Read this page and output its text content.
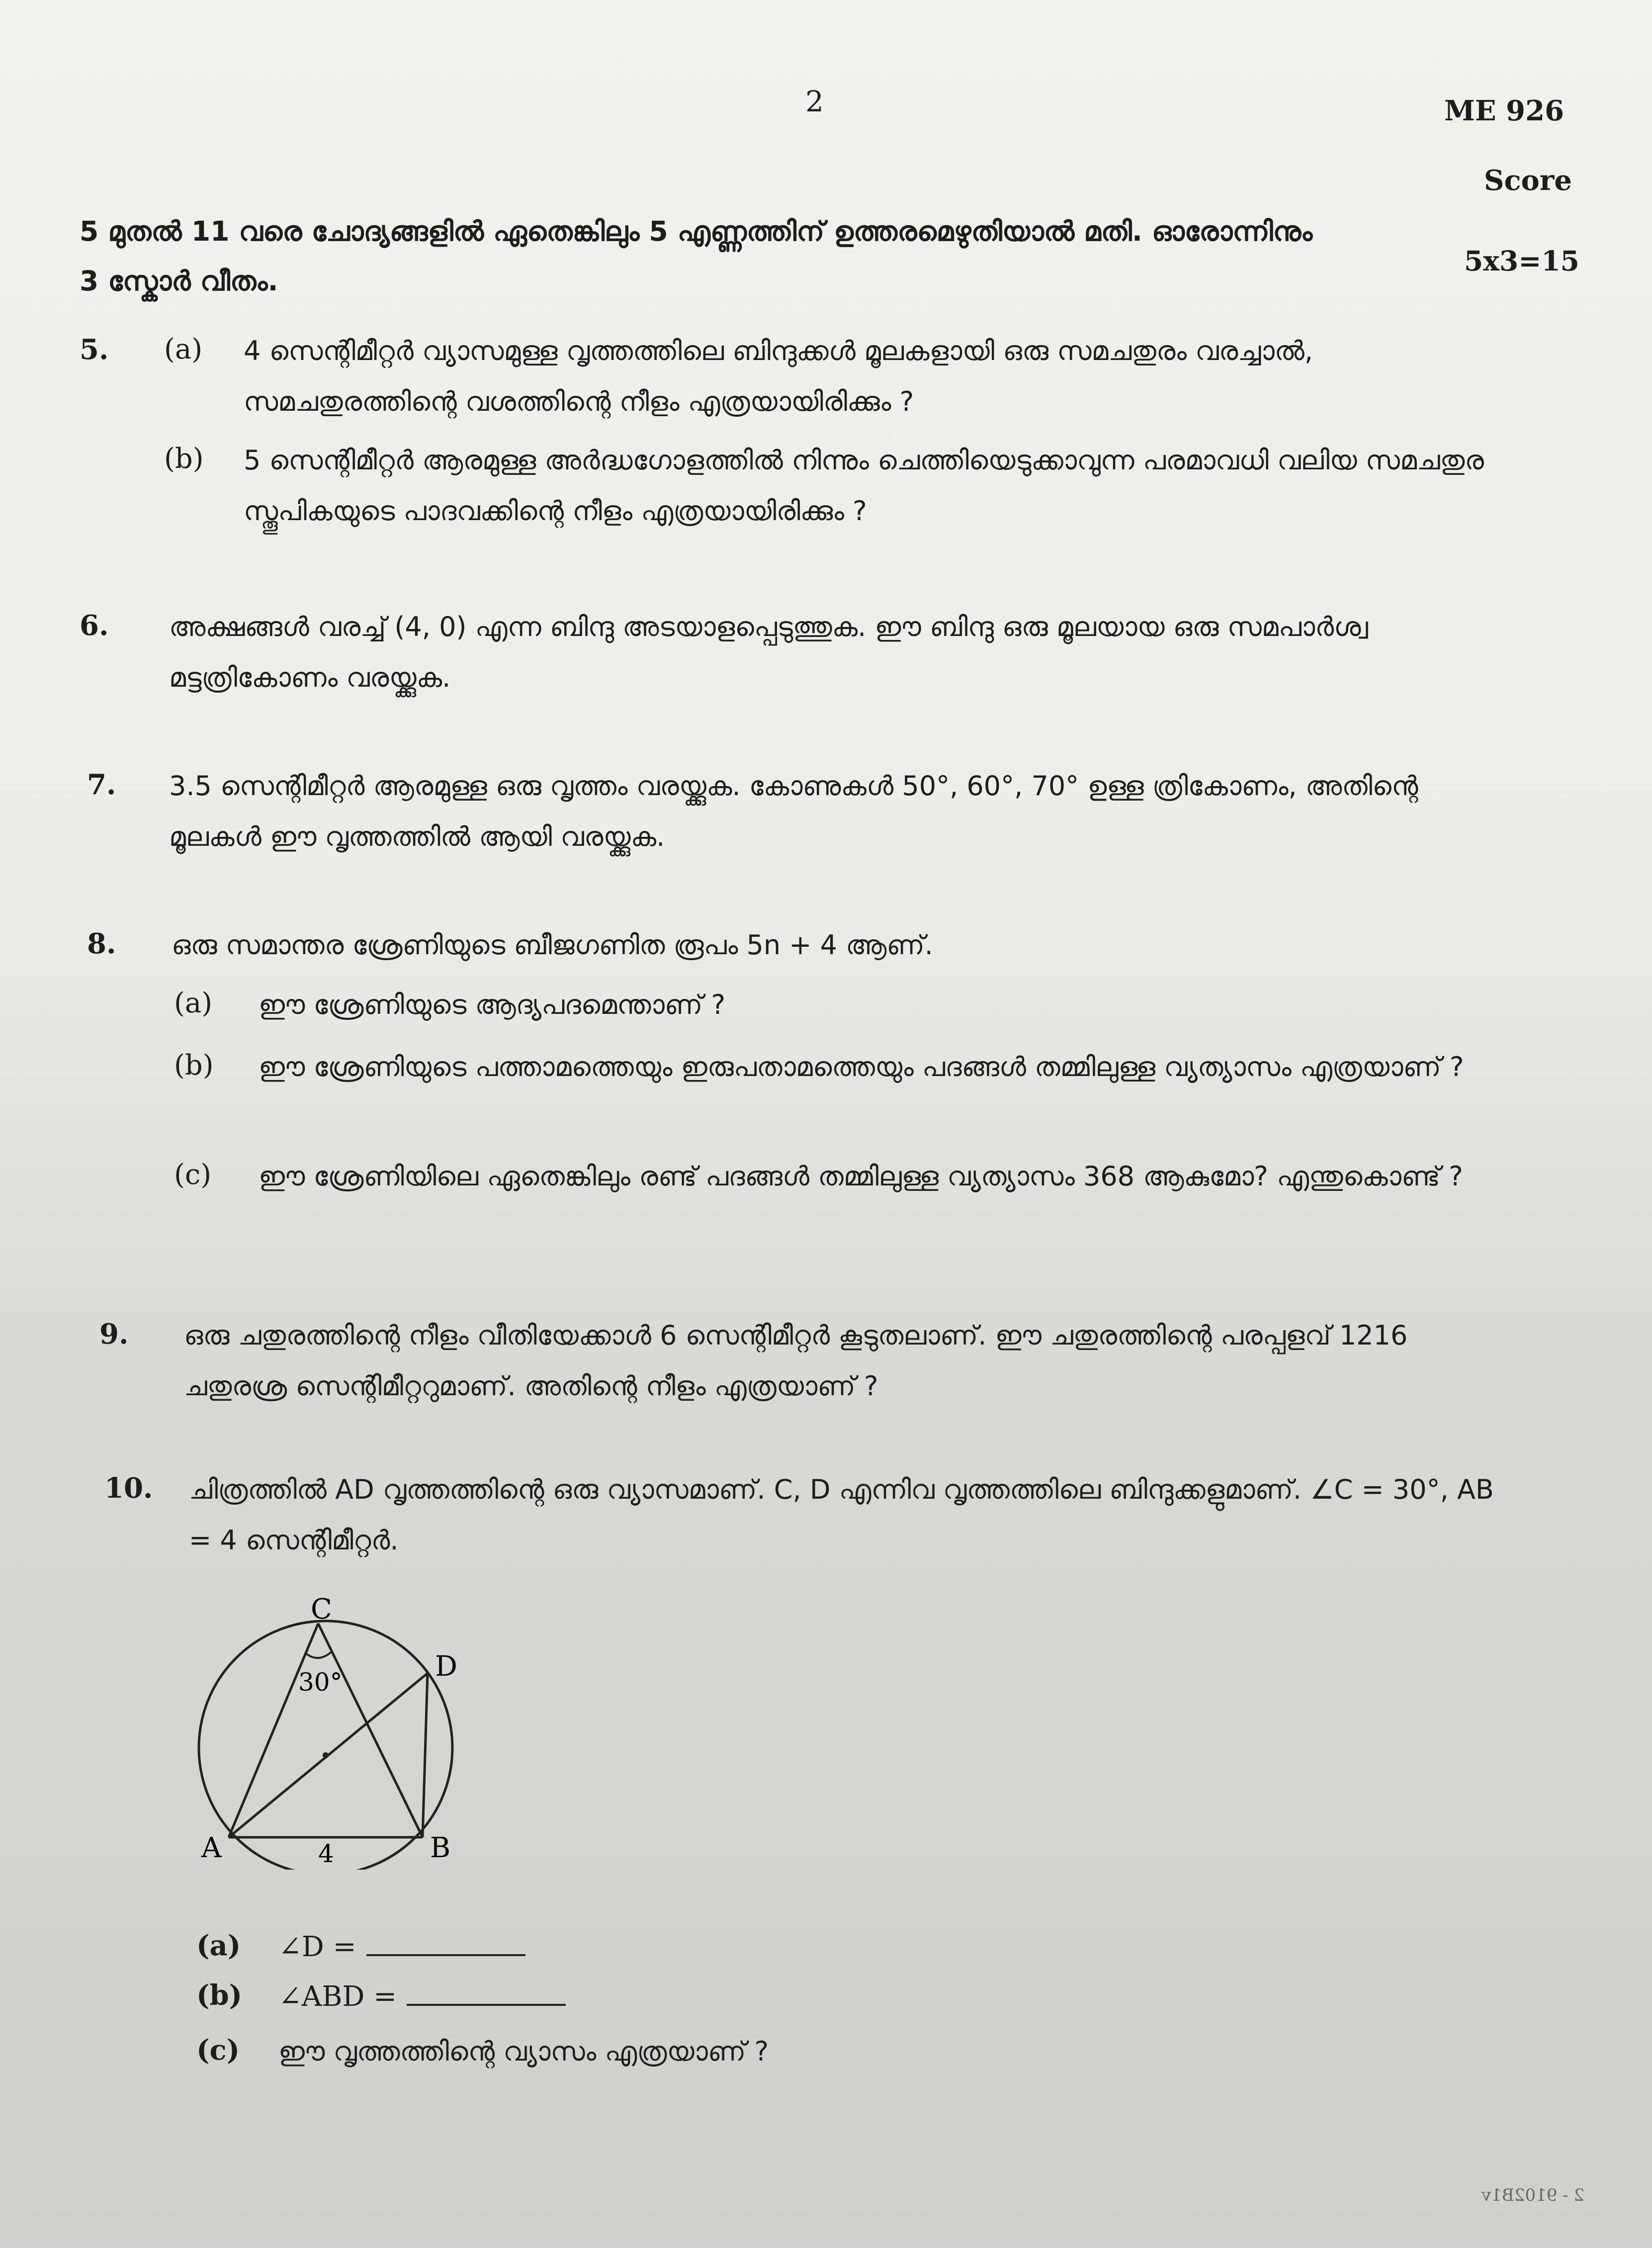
2	ME 926
Score
5 മുതൽ 11 വരെ ചോദ്യങ്ങളിൽ ഏതെങ്കിലും 5 എണ്ണത്തിന് ഉത്തരമെഴുതിയാൽ മതി. ഓരോന്നിനും
3 സ്കോർ വീതം.
5x3=15
5. (a) 4 സെന്റിമീറ്റർ വ്യാസമുള്ള വൃത്തത്തിലെ ബിന്ദുക്കൾ മൂലകളായി ഒരു സമചതുരം വരച്ചാൽ, സമചതുരത്തിന്റെ വശത്തിന്റെ നീളം എത്രയായിരിക്കും ?
(b) 5 സെന്റിമീറ്റർ ആരമുള്ള അർദ്ധഗോളത്തിൽ നിന്നും ചെത്തിയെടുക്കാവുന്ന പരമാവധി വലിയ സമചതുര സ്തൂപികയുടെ പാദവക്കിന്റെ നീളം എത്രയായിരിക്കും ?
6. അക്ഷങ്ങൾ വരച്ച് (4, 0) എന്ന ബിന്ദു അടയാളപ്പെടുത്തുക. ഈ ബിന്ദു ഒരു മൂലയായ ഒരു സമപാർശ്വ മട്ടത്രികോണം വരയ്ക്കുക.
7. 3.5 സെന്റിമീറ്റർ ആരമുള്ള ഒരു വൃത്തം വരയ്ക്കുക. കോണുകൾ 50°, 60°, 70° ഉള്ള ത്രികോണം, അതിന്റെ മൂലകൾ ഈ വൃത്തത്തിൽ ആയി വരയ്ക്കുക.
8. ഒരു സമാന്തര ശ്രേണിയുടെ ബീജഗണിത രൂപം 5n + 4 ആണ്.
(a) ഈ ശ്രേണിയുടെ ആദ്യപദമെന്താണ് ?
(b) ഈ ശ്രേണിയുടെ പത്താമത്തെയും ഇരുപതാമത്തെയും പദങ്ങൾ തമ്മിലുള്ള വ്യത്യാസം എത്രയാണ് ?
(c) ഈ ശ്രേണിയിലെ ഏതെങ്കിലും രണ്ട് പദങ്ങൾ തമ്മിലുള്ള വ്യത്യാസം 368 ആകുമോ? എന്തുകൊണ്ട് ?
9. ഒരു ചതുരത്തിന്റെ നീളം വീതിയേക്കാൾ 6 സെന്റിമീറ്റർ കൂടുതലാണ്. ഈ ചതുരത്തിന്റെ പരപ്പളവ് 1216 ചതുരശ്ര സെന്റിമീറ്ററുമാണ്. അതിന്റെ നീളം എത്രയാണ് ?
10. ചിത്രത്തിൽ AD വൃത്തത്തിന്റെ ഒരു വ്യാസമാണ്. C, D എന്നിവ വൃത്തത്തിലെ ബിന്ദുക്കളുമാണ്. ∠C = 30°, AB = 4 സെന്റിമീറ്റർ.
C
D
A	B
30°
4
(a) ∠D =
(b) ∠ABD =
(c) ഈ വൃത്തത്തിന്റെ വ്യാസം എത്രയാണ് ?
2 - 9102B1v
